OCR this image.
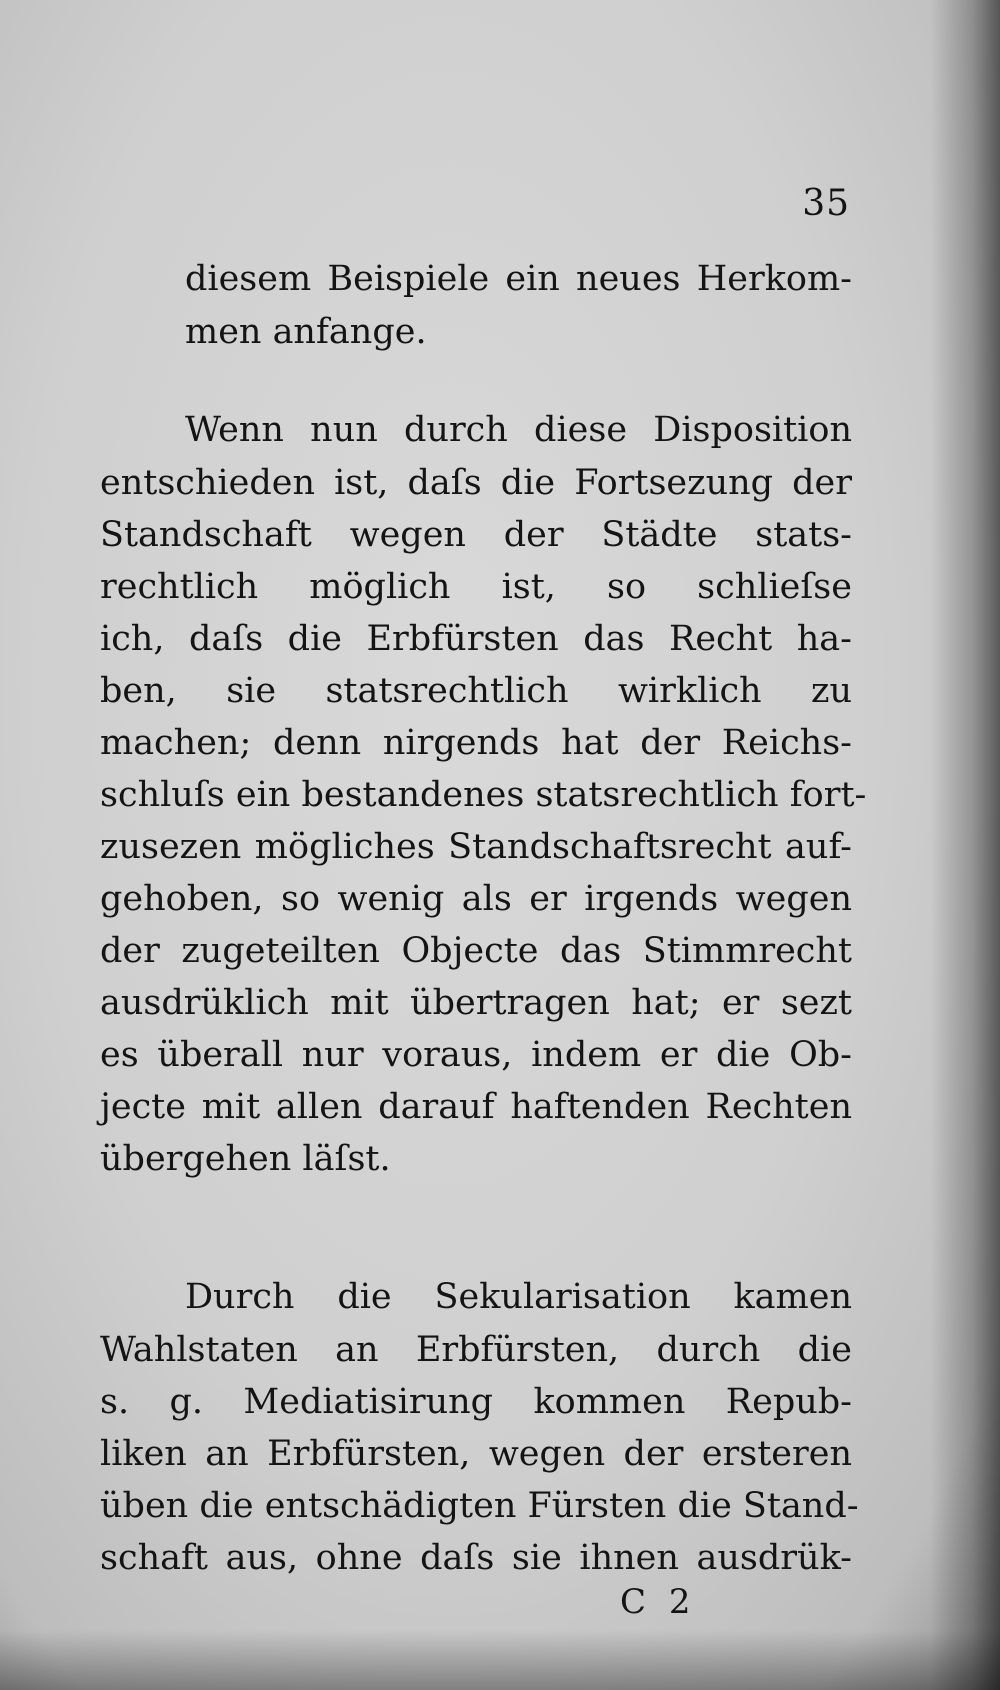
35
diesem Beispiele ein neues Herkom-
men anfange.
Wenn nun durch diese Disposition
entschieden ist, daſs die Fortsezung der
Standschaft wegen der Städte stats-
rechtlich möglich ist, so schlieſse
ich, daſs die Erbfürsten das Recht ha-
ben, sie statsrechtlich wirklich zu
machen; denn nirgends hat der Reichs-
schluſs ein bestandenes statsrechtlich fort-
zusezen mögliches Standschaftsrecht auf-
gehoben, so wenig als er irgends wegen
der zugeteilten Objecte das Stimmrecht
ausdrüklich mit übertragen hat; er sezt
es überall nur voraus, indem er die Ob-
jecte mit allen darauf haftenden Rechten
übergehen läſst.
Durch die Sekularisation kamen
Wahlstaten an Erbfürsten, durch die
s. g. Mediatisirung kommen Repub-
liken an Erbfürsten, wegen der ersteren
üben die entschädigten Fürsten die Stand-
schaft aus, ohne daſs sie ihnen ausdrük-
C 2
